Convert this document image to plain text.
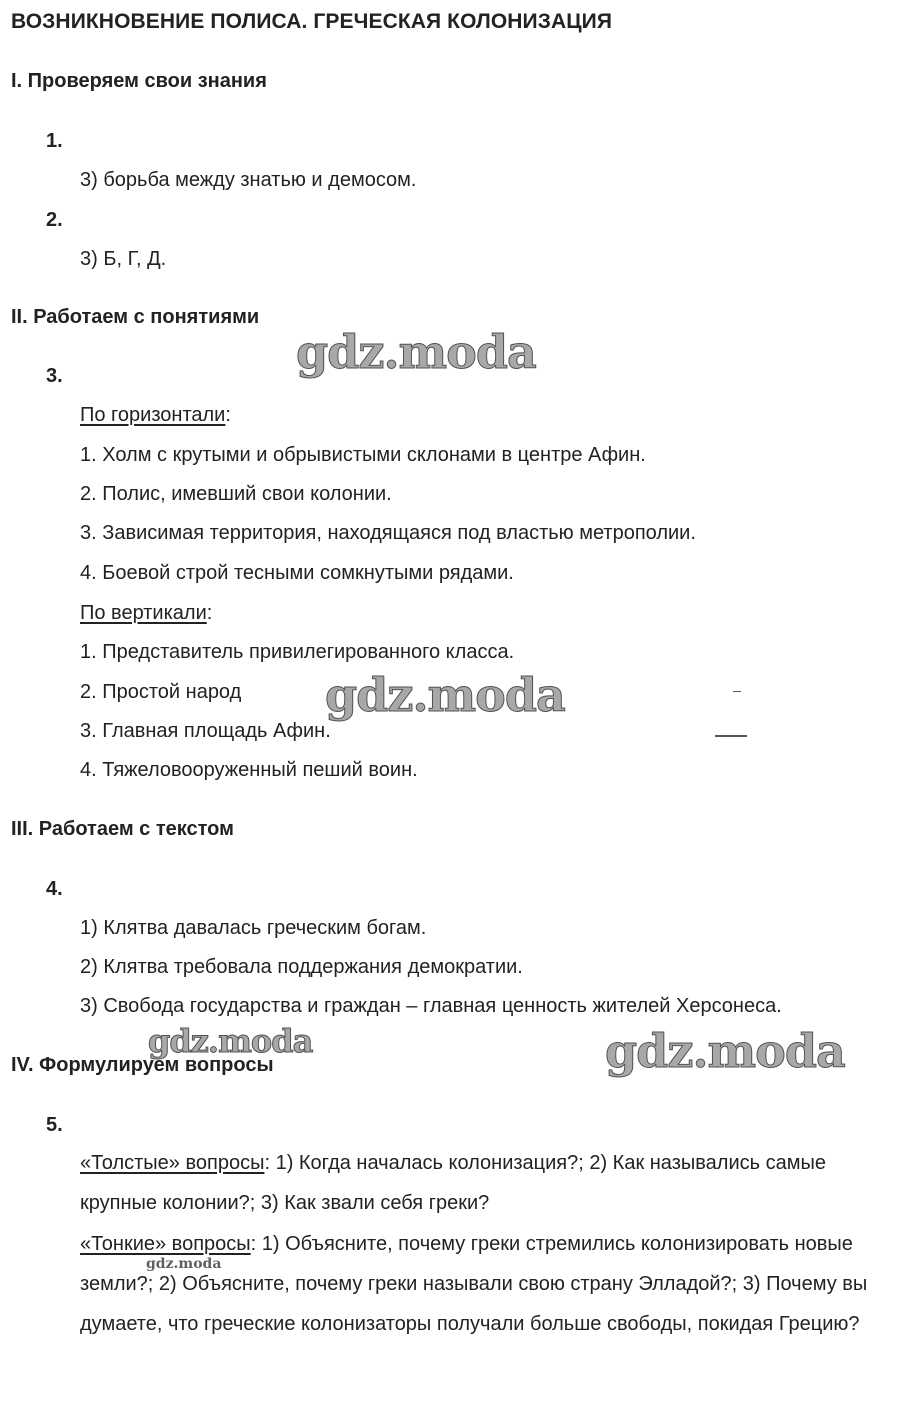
ВОЗНИКНОВЕНИЕ ПОЛИСА. ГРЕЧЕСКАЯ КОЛОНИЗАЦИЯ
I. Проверяем свои знания
1.
3) борьба между знатью и демосом.
2.
3) Б, Г, Д.
II. Работаем с понятиями
3.
По горизонтали:
1. Холм с крутыми и обрывистыми склонами в центре Афин.
2. Полис, имевший свои колонии.
3. Зависимая территория, находящаяся под властью метрополии.
4. Боевой строй тесными сомкнутыми рядами.
По вертикали:
1. Представитель привилегированного класса.
2. Простой народ
3. Главная площадь Афин.
4. Тяжеловооруженный пеший воин.
III. Работаем с текстом
4.
1) Клятва давалась греческим богам.
2) Клятва требовала поддержания демократии.
3) Свобода государства и граждан – главная ценность жителей Херсонеса.
IV. Формулируем вопросы
5.
«Толстые» вопросы: 1) Когда началась колонизация?; 2) Как назывались самые крупные колонии?; 3) Как звали себя греки?
«Тонкие» вопросы: 1) Объясните, почему греки стремились колонизировать новые земли?; 2) Объясните, почему греки называли свою страну Элладой?; 3) Почему вы думаете, что греческие колонизаторы получали больше свободы, покидая Грецию?
gdz.moda
gdz.moda
gdz.moda	gdz.moda
gdz.moda
